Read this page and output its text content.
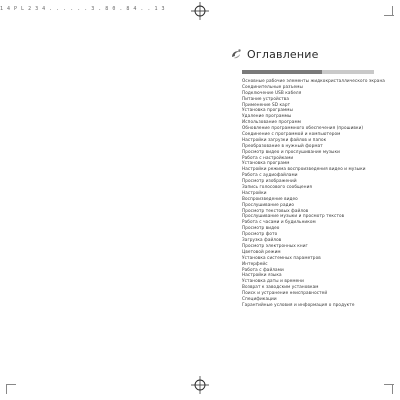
1 4 P L 2 3 4 . . . . . . 3 . 8 0 . 8 4 . . 1 3
Оглавление
Основные рабочие элементы жидкокристаллического экрана
Соединительные разъемы
Подключение USB кабеля
Питание устройства
Применение SD карт
Установка программы
Удаление программы
Использование программ
Обновление программного обеспечения (прошивки)
Соединение с программой и компьютером
Настройки загрузки файлов и папок
Преобразование в нужный формат
Просмотр видео и прослушивание музыки
Работа с настройками
Установка программ
Настройки режима воспроизведения видео и музыки
Работа с аудиофайлами
Просмотр изображений
Запись голосового сообщения
Настройки
Воспроизведение видео
Прослушивание радио
Просмотр текстовых файлов
Прослушивание музыки и просмотр текстов
Работа с часами и будильником
Просмотр видео
Просмотр фото
Загрузка файлов
Просмотр электронных книг
Цветовой режим
Установка системных параметров
Интерфейс
Работа с файлами
Настройки языка
Установка даты и времени
Возврат к заводским установкам
Поиск и устранение неисправностей
Спецификации
Гарантийные условия и информация о продукте
